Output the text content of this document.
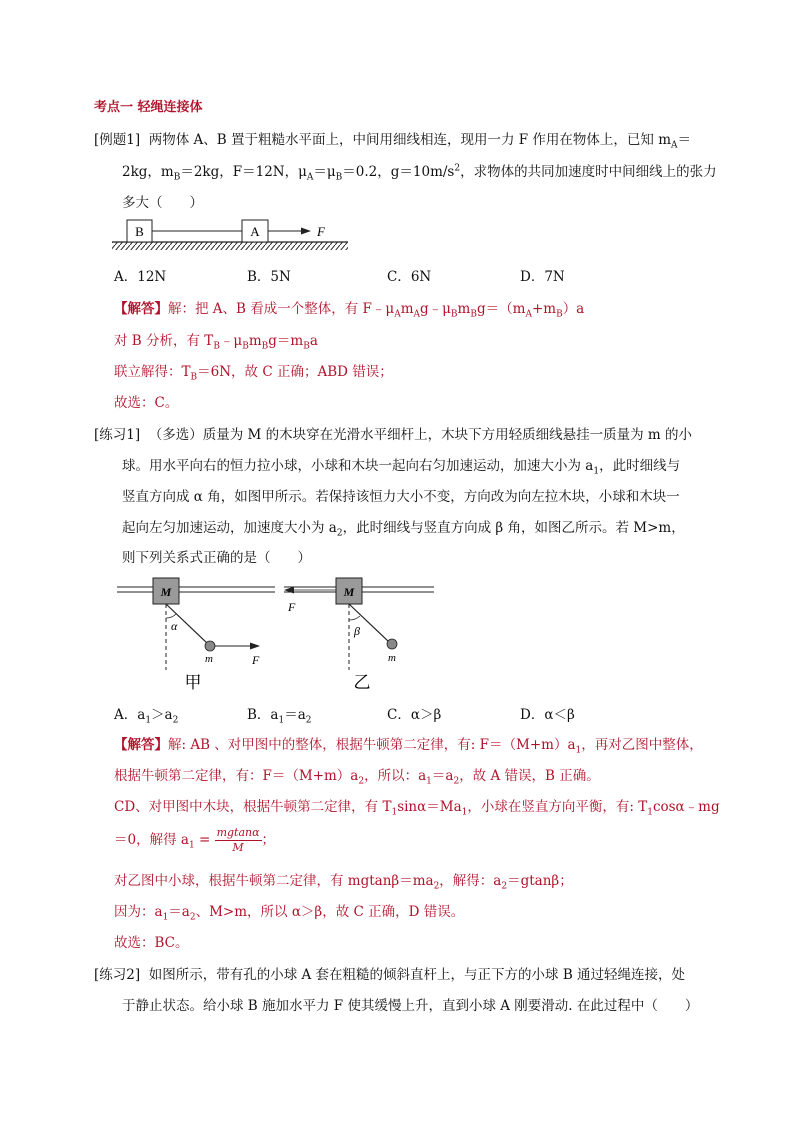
考点一 轻绳连接体
[例题1] 两物体 A、B 置于粗糙水平面上，中间用细线相连，现用一力 F 作用在物体上，已知 $m_A=$
2kg，$m_B=2kg$，F＝12N，$\mu_A=\mu_B=0.2$，$g=10m/s^2$，求物体的共同加速度时中间细线上的张力
多大（　　）
B	A	F
A．12N	B．5N	C．6N	D．7N
【解答】解：把 A、B 看成一个整体，有 $F﹣\mu_Am_Ag﹣\mu_Bm_Bg=(m_A+m_B)a$
对 B 分析，有 $T_B﹣\mu_Bm_Bg=m_Ba$
联立解得：$T_B=6N$，故 C 正确；ABD 错误；
故选：C。
[练习1] （多选）质量为 M 的木块穿在光滑水平细杆上，木块下方用轻质细线悬挂一质量为 m 的小
球。用水平向右的恒力拉小球，小球和木块一起向右匀加速运动，加速大小为 $a_1$，此时细线与
竖直方向成 α 角，如图甲所示。若保持该恒力大小不变，方向改为向左拉木块，小球和木块一
起向左匀加速运动，加速度大小为 $a_2$，此时细线与竖直方向成 β 角，如图乙所示。若 M>m，
则下列关系式正确的是（　　）
M
α
m	F
甲
F
M
β
m
乙
A．$a_1>a_2$	B．$a_1=a_2$	C．α＞β	D．α＜β
【解答】解: AB 、对甲图中的整体，根据牛顿第二定律，有: $F=(M+m)a_1$，再对乙图中整体，
根据牛顿第二定律，有：$F=(M+m)a_2$，所以：$a_1=a_2$，故 A 错误，B 正确。
CD、对甲图中木块，根据牛顿第二定律，有 $T_1\sin\alpha=Ma_1$，小球在竖直方向平衡，有: $T_1\cos\alpha﹣mg$
＝0，解得 $a_1 = \frac{mgtan\alpha}{M}$ ；
对乙图中小球，根据牛顿第二定律，有 $mgtan\beta=ma_2$，解得：$a_2=gtan\beta$；
因为：$a_1=a_2$、M>m，所以 α＞β，故 C 正确，D 错误。
故选：BC。
[练习2] 如图所示，带有孔的小球 A 套在粗糙的倾斜直杆上，与正下方的小球 B 通过轻绳连接，处
于静止状态。给小球 B 施加水平力 F 使其缓慢上升，直到小球 A 刚要滑动. 在此过程中（　　）
